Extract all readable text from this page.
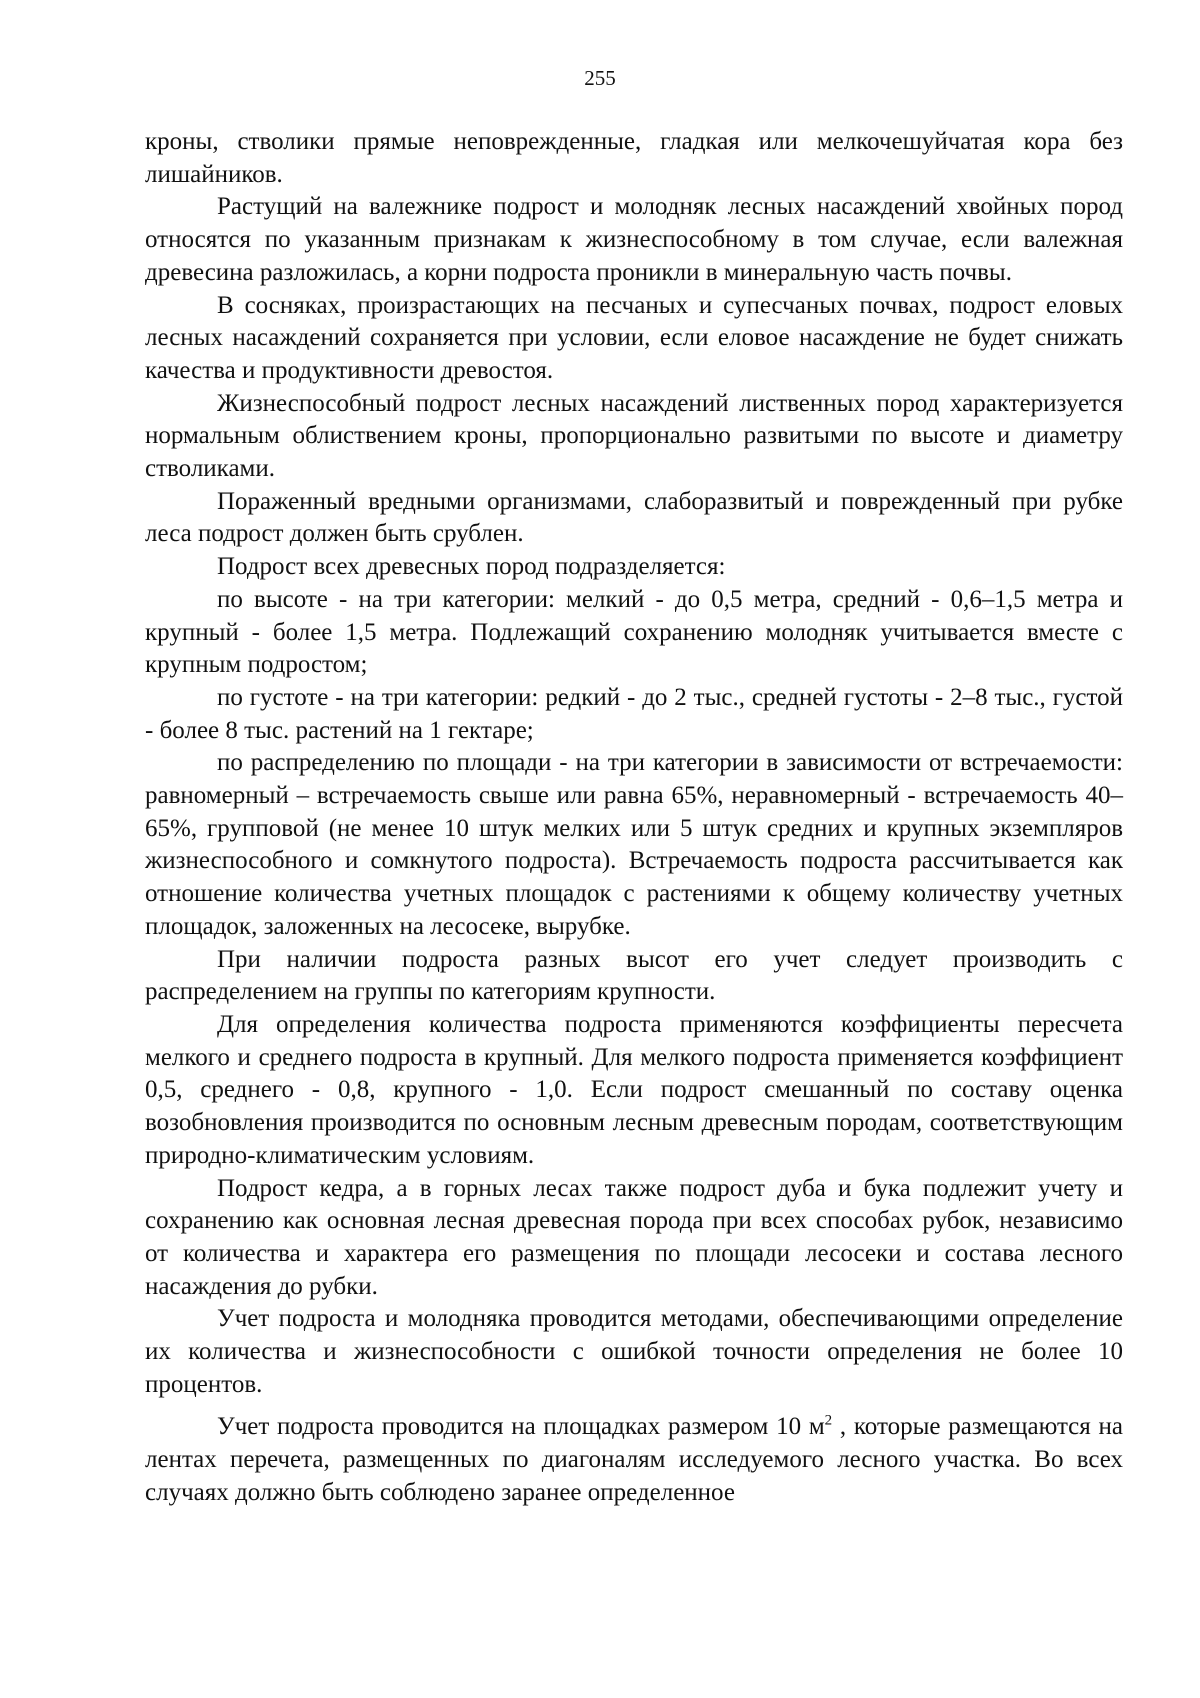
255

кроны, стволики прямые неповрежденные, гладкая или мелкочешуйчатая кора без лишайников.

Растущий на валежнике подрост и молодняк лесных насаждений хвойных пород относятся по указанным признакам к жизнеспособному в том случае, если валежная древесина разложилась, а корни подроста проникли в минеральную часть почвы.

В сосняках, произрастающих на песчаных и супесчаных почвах, подрост еловых лесных насаждений сохраняется при условии, если еловое насаждение не будет снижать качества и продуктивности древостоя.

Жизнеспособный подрост лесных насаждений лиственных пород характеризуется нормальным облиствением кроны, пропорционально развитыми по высоте и диаметру стволиками.

Пораженный вредными организмами, слаборазвитый и поврежденный при рубке леса подрост должен быть срублен.

Подрост всех древесных пород подразделяется:

по высоте - на три категории: мелкий - до 0,5 метра, средний - 0,6–1,5 метра и крупный - более 1,5 метра. Подлежащий сохранению молодняк учитывается вместе с крупным подростом;

по густоте - на три категории: редкий - до 2 тыс., средней густоты - 2–8 тыс., густой - более 8 тыс. растений на 1 гектаре;

по распределению по площади - на три категории в зависимости от встречаемости: равномерный – встречаемость свыше или равна 65%, неравномерный - встречаемость 40–65%, групповой (не менее 10 штук мелких или 5 штук средних и крупных экземпляров жизнеспособного и сомкнутого подроста). Встречаемость подроста рассчитывается как отношение количества учетных площадок с растениями к общему количеству учетных площадок, заложенных на лесосеке, вырубке.

При наличии подроста разных высот его учет следует производить с распределением на группы по категориям крупности.

Для определения количества подроста применяются коэффициенты пересчета мелкого и среднего подроста в крупный. Для мелкого подроста применяется коэффициент 0,5, среднего - 0,8, крупного - 1,0. Если подрост смешанный по составу оценка возобновления производится по основным лесным древесным породам, соответствующим природно-климатическим условиям.

Подрост кедра, а в горных лесах также подрост дуба и бука подлежит учету и сохранению как основная лесная древесная порода при всех способах рубок, независимо от количества и характера его размещения по площади лесосеки и состава лесного насаждения до рубки.

Учет подроста и молодняка проводится методами, обеспечивающими определение их количества и жизнеспособности с ошибкой точности определения не более 10 процентов.

Учет подроста проводится на площадках размером 10 $м^2$ , которые размещаются на лентах перечета, размещенных по диагоналям исследуемого лесного участка. Во всех случаях должно быть соблюдено заранее определенное
